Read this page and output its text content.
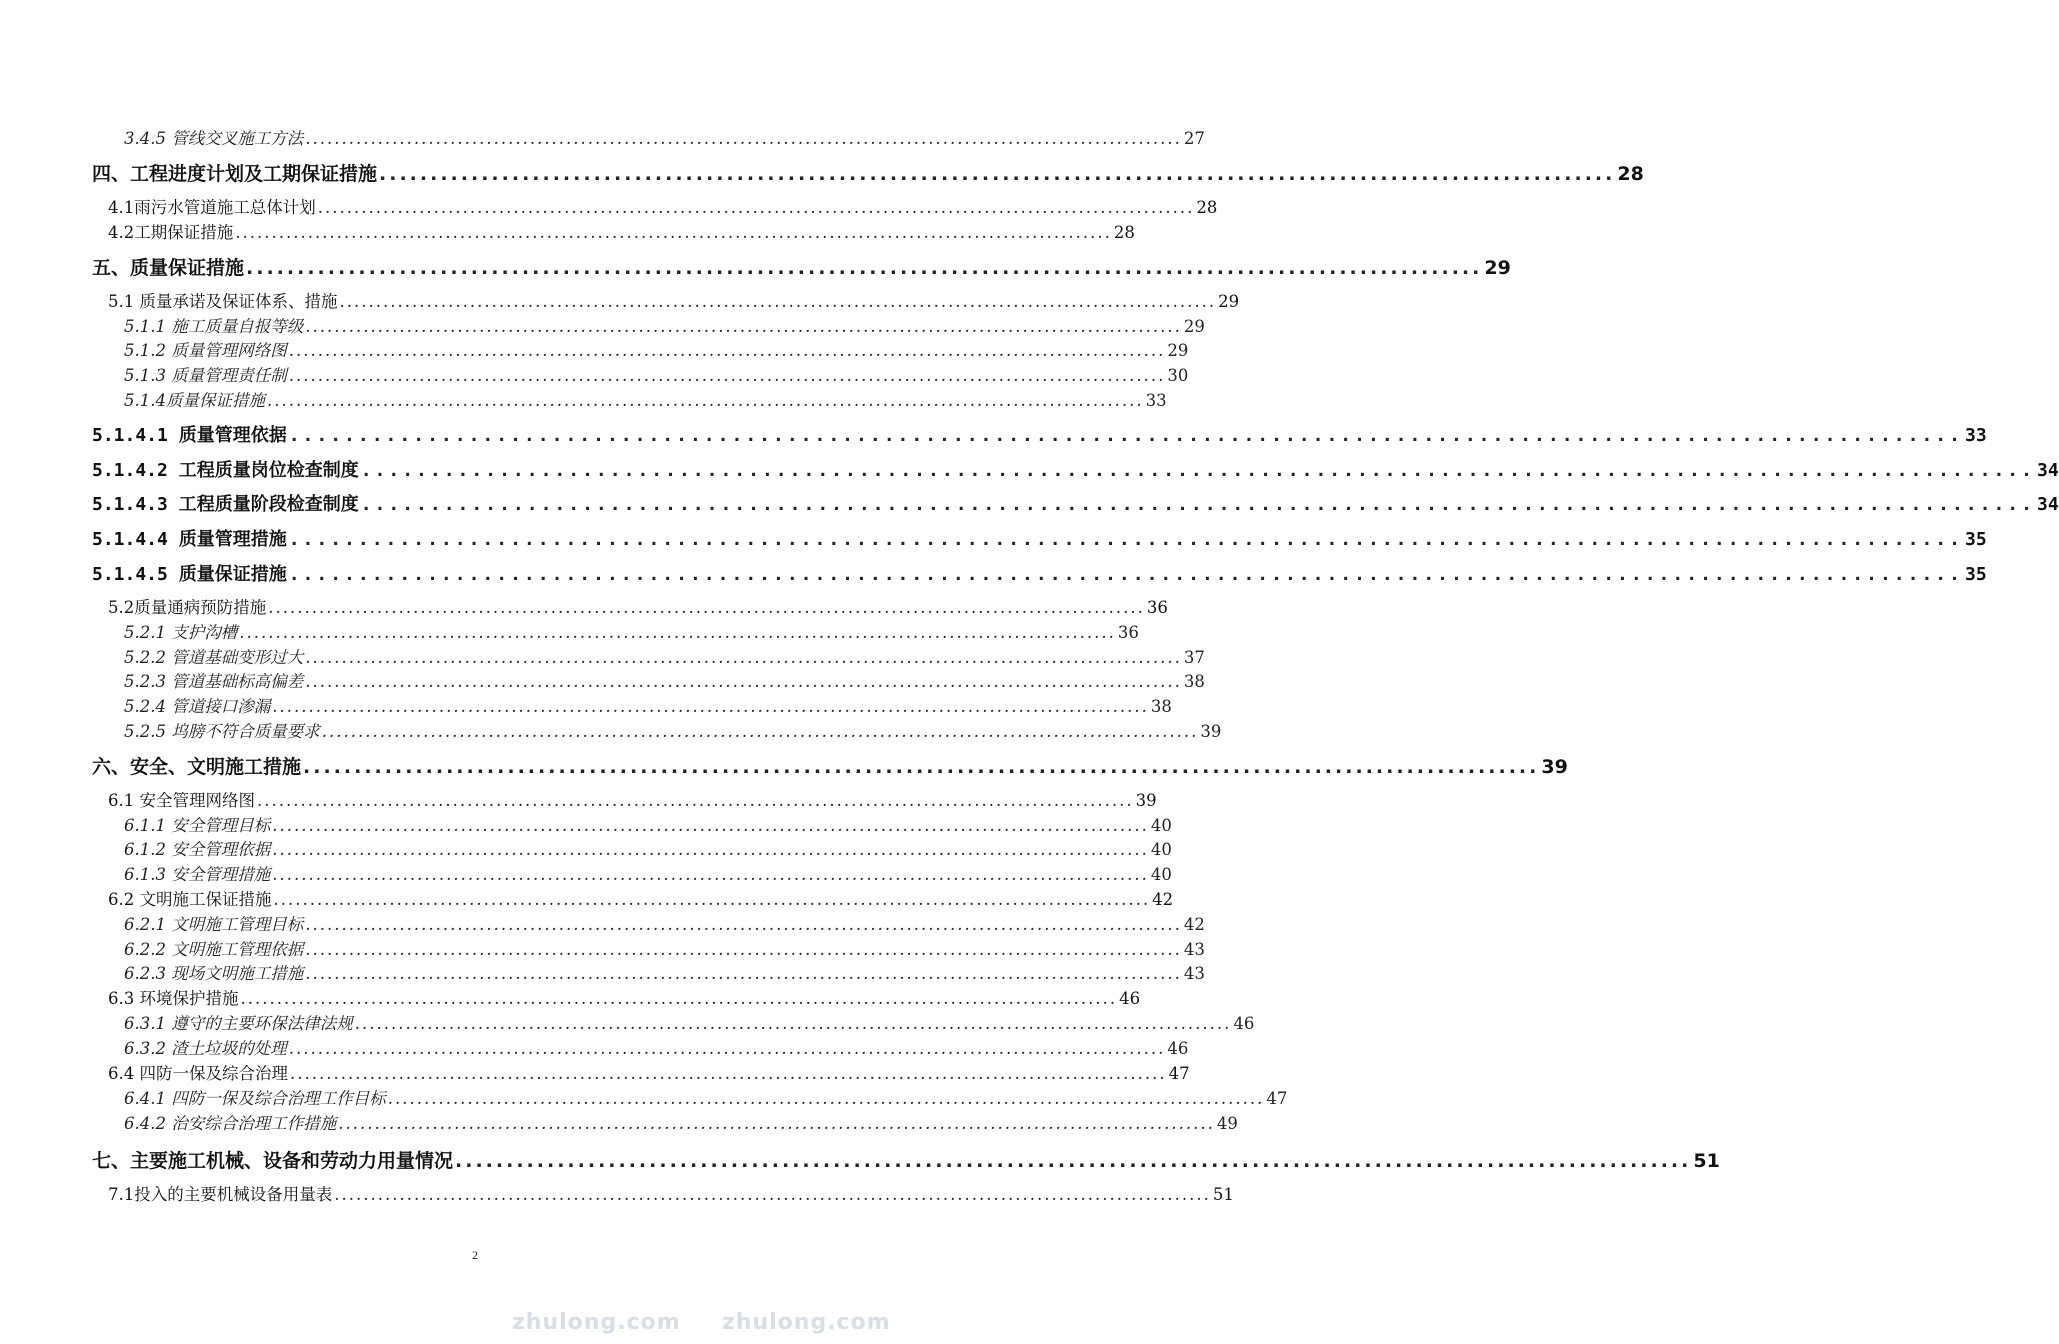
3.4.5 管线交叉施工方法 ......................................................................................................................... 27
四、工程进度计划及工期保证措施 ......................................................................................................................... 28
4.1雨污水管道施工总体计划 ......................................................................................................................... 28
4.2工期保证措施 ......................................................................................................................... 28
五、质量保证措施 ......................................................................................................................... 29
5.1 质量承诺及保证体系、措施 ......................................................................................................................... 29
5.1.1 施工质量自报等级 ......................................................................................................................... 29
5.1.2 质量管理网络图 ......................................................................................................................... 29
5.1.3 质量管理责任制 ......................................................................................................................... 30
5.1.4质量保证措施 ......................................................................................................................... 33
5.1.4.1 质量管理依据 ......................................................................................................................... 33
5.1.4.2 工程质量岗位检查制度 ......................................................................................................................... 34
5.1.4.3 工程质量阶段检查制度 ......................................................................................................................... 34
5.1.4.4 质量管理措施 ......................................................................................................................... 35
5.1.4.5 质量保证措施 ......................................................................................................................... 35
5.2质量通病预防措施 ......................................................................................................................... 36
5.2.1 支护沟槽 ......................................................................................................................... 36
5.2.2 管道基础变形过大 ......................................................................................................................... 37
5.2.3 管道基础标高偏差 ......................................................................................................................... 38
5.2.4 管道接口渗漏 ......................................................................................................................... 38
5.2.5 坞膀不符合质量要求 ......................................................................................................................... 39
六、安全、文明施工措施 ......................................................................................................................... 39
6.1 安全管理网络图 ......................................................................................................................... 39
6.1.1 安全管理目标 ......................................................................................................................... 40
6.1.2 安全管理依据 ......................................................................................................................... 40
6.1.3 安全管理措施 ......................................................................................................................... 40
6.2 文明施工保证措施 ......................................................................................................................... 42
6.2.1 文明施工管理目标 ......................................................................................................................... 42
6.2.2 文明施工管理依据 ......................................................................................................................... 43
6.2.3 现场文明施工措施 ......................................................................................................................... 43
6.3 环境保护措施 ......................................................................................................................... 46
6.3.1 遵守的主要环保法律法规 ......................................................................................................................... 46
6.3.2 渣土垃圾的处理 ......................................................................................................................... 46
6.4 四防一保及综合治理 ......................................................................................................................... 47
6.4.1 四防一保及综合治理工作目标 ......................................................................................................................... 47
6.4.2 治安综合治理工作措施 ......................................................................................................................... 49
七、主要施工机械、设备和劳动力用量情况 ......................................................................................................................... 51
7.1投入的主要机械设备用量表 ......................................................................................................................... 51
2
zhulong.com zhulong.com
